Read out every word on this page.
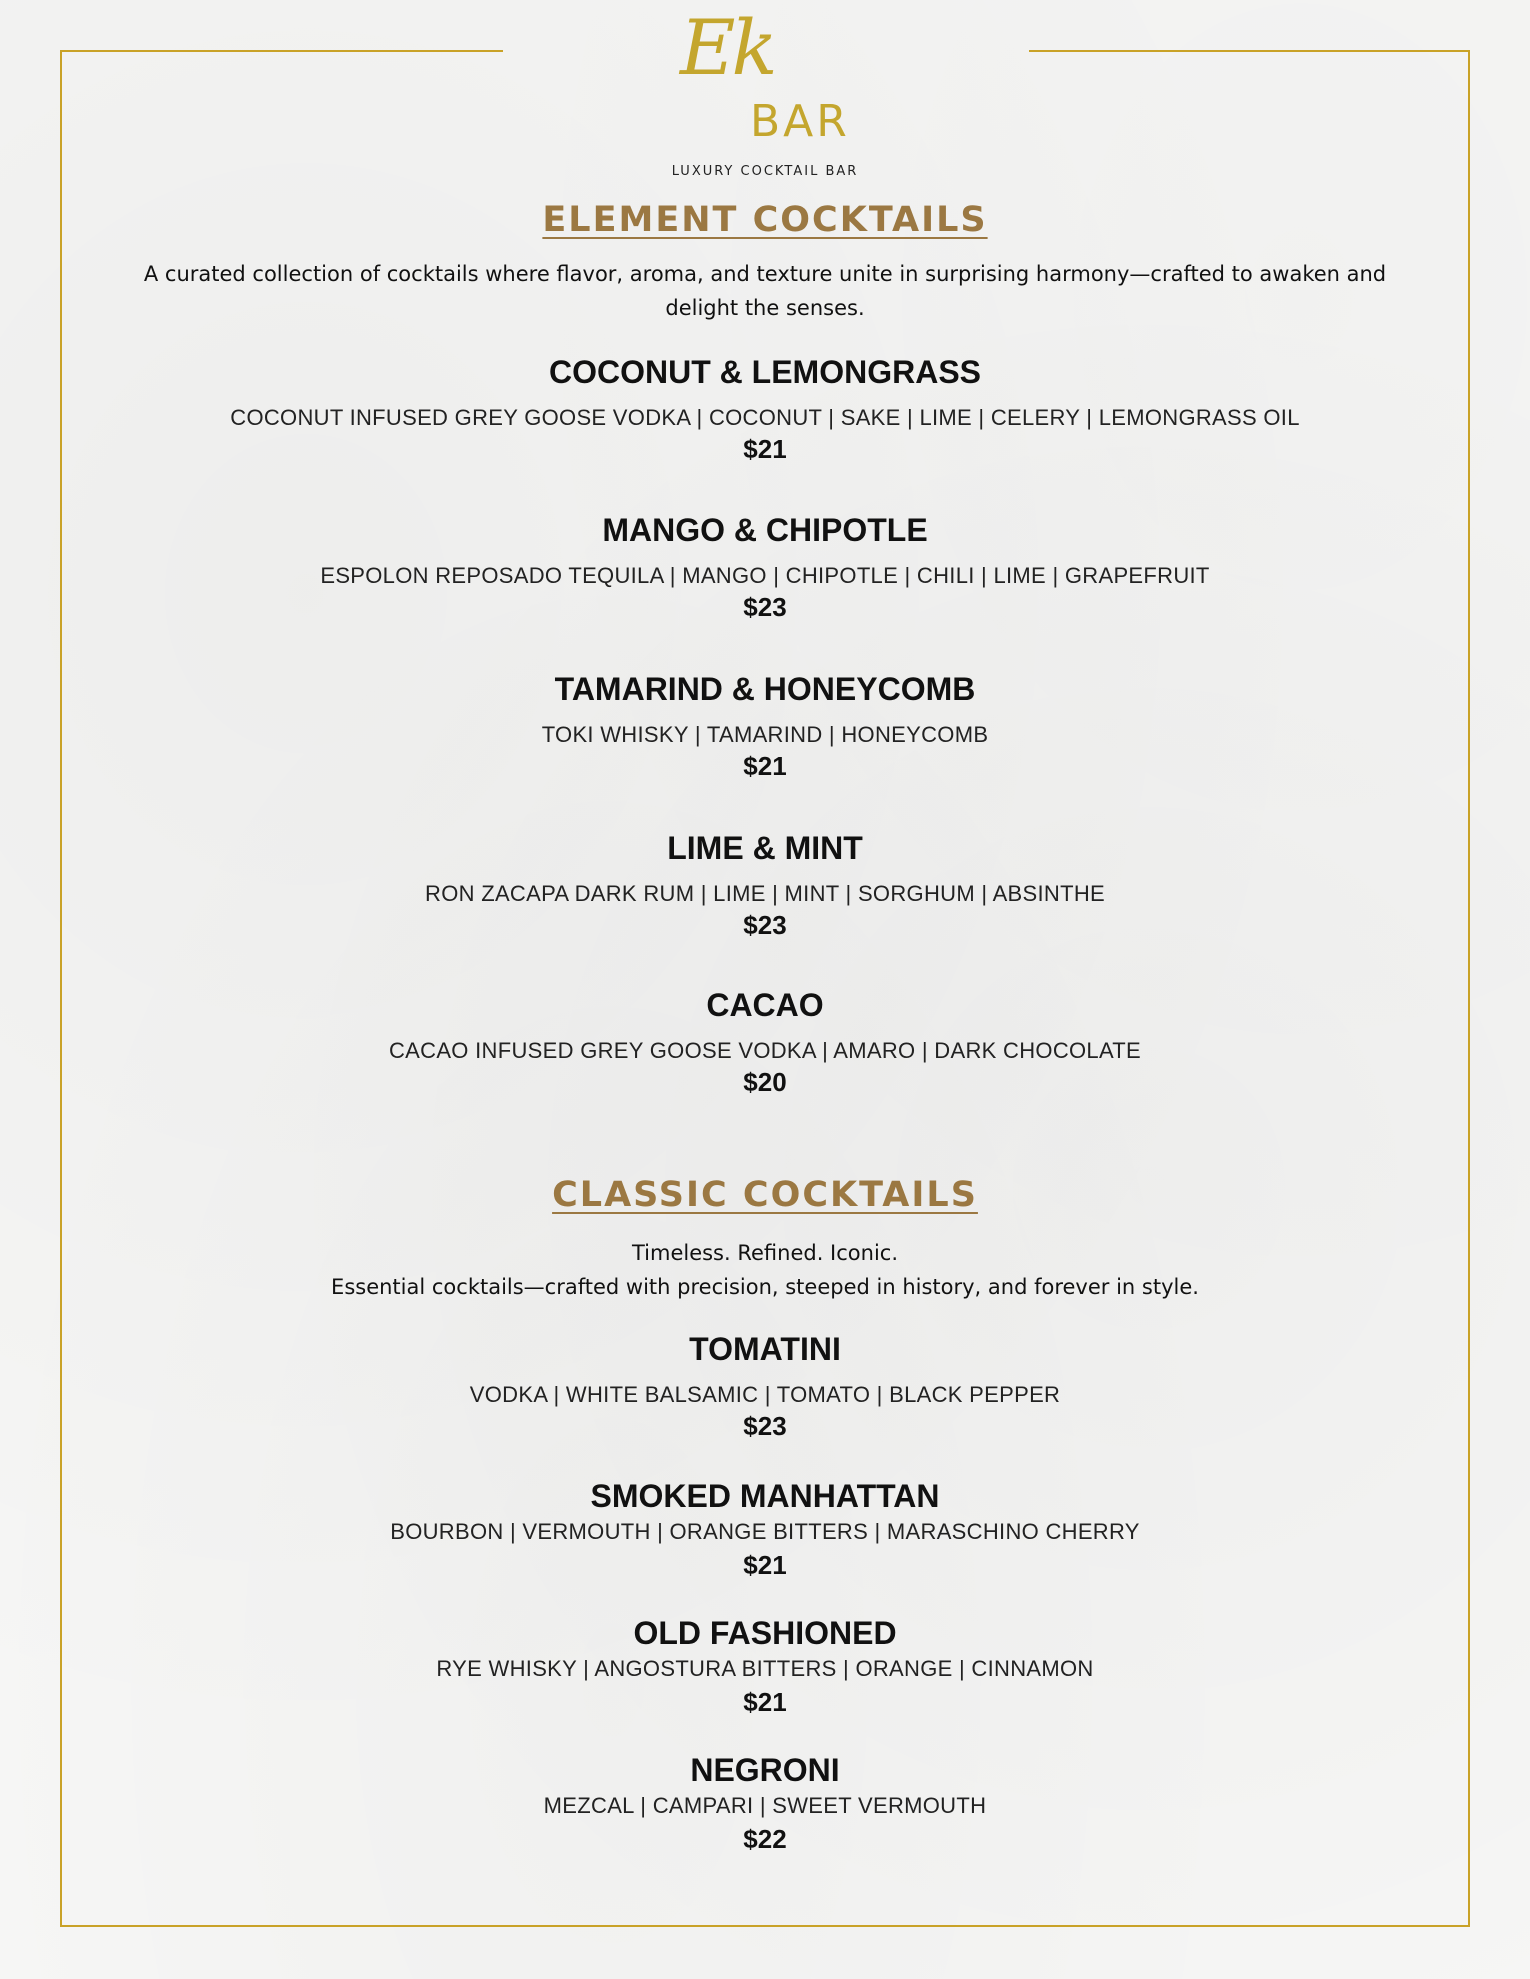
Ek
BAR
LUXURY COCKTAIL BAR
ELEMENT COCKTAILS
A curated collection of cocktails where flavor, aroma, and texture unite in surprising harmony—crafted to awaken and delight the senses.
COCONUT & LEMONGRASS
COCONUT INFUSED GREY GOOSE VODKA | COCONUT | SAKE | LIME | CELERY | LEMONGRASS OIL
$21
MANGO & CHIPOTLE
ESPOLON REPOSADO TEQUILA | MANGO | CHIPOTLE | CHILI | LIME | GRAPEFRUIT
$23
TAMARIND & HONEYCOMB
TOKI WHISKY | TAMARIND | HONEYCOMB
$21
LIME & MINT
RON ZACAPA DARK RUM | LIME | MINT | SORGHUM | ABSINTHE
$23
CACAO
CACAO INFUSED GREY GOOSE VODKA | AMARO | DARK CHOCOLATE
$20
CLASSIC COCKTAILS
Timeless. Refined. Iconic.
Essential cocktails—crafted with precision, steeped in history, and forever in style.
TOMATINI
VODKA | WHITE BALSAMIC | TOMATO | BLACK PEPPER
$23
SMOKED MANHATTAN
BOURBON | VERMOUTH | ORANGE BITTERS | MARASCHINO CHERRY
$21
OLD FASHIONED
RYE WHISKY | ANGOSTURA BITTERS | ORANGE | CINNAMON
$21
NEGRONI
MEZCAL | CAMPARI | SWEET VERMOUTH
$22
